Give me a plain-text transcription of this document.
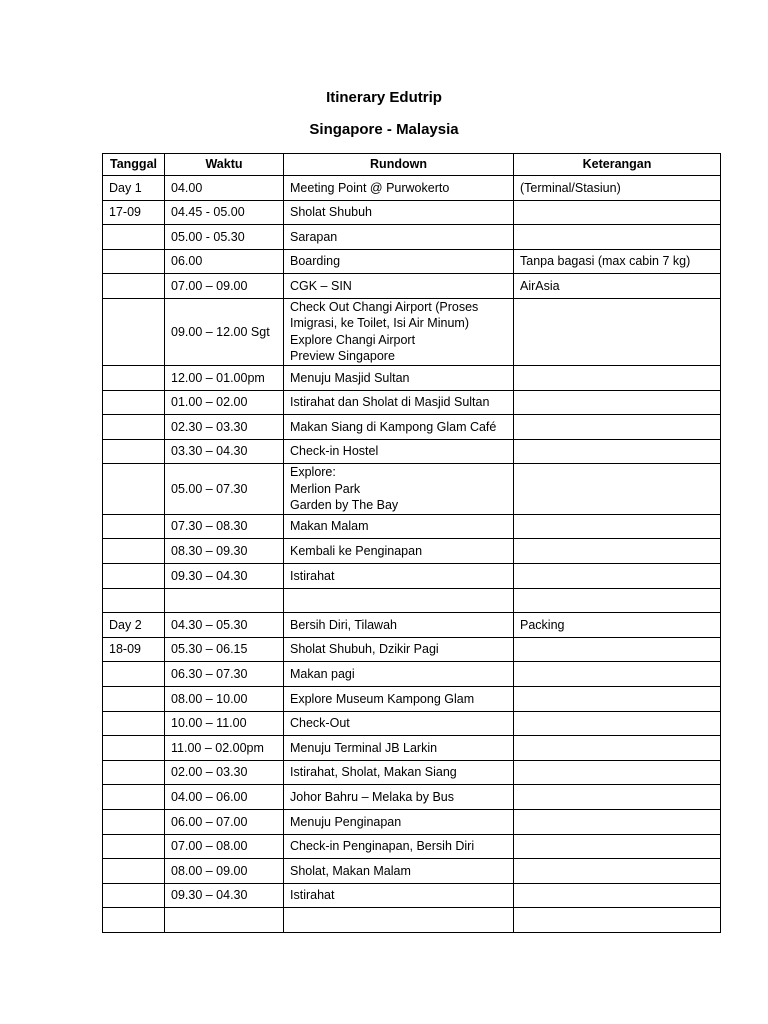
Itinerary Edutrip
Singapore - Malaysia
Tanggal	Waktu	Rundown	Keterangan
Day 1	04.00	Meeting Point @ Purwokerto	(Terminal/Stasiun)
17-09	04.45 - 05.00	Sholat Shubuh	

	05.00 - 05.30	Sarapan	

	06.00	Boarding	Tanpa bagasi (max cabin 7 kg)
	07.00 – 09.00	CGK – SIN	AirAsia
	09.00 – 12.00 Sgt	Check Out Changi Airport (Proses
Imigrasi, ke Toilet, Isi Air Minum)
Explore Changi Airport
Preview Singapore	

	12.00 – 01.00pm	Menuju Masjid Sultan	

	01.00 – 02.00	Istirahat dan Sholat di Masjid Sultan	

	02.30 – 03.30	Makan Siang di Kampong Glam Café	

	03.30 – 04.30	Check-in Hostel	

	05.00 – 07.30	Explore:
Merlion Park
Garden by The Bay	

	07.30 – 08.30	Makan Malam	

	08.30 – 09.30	Kembali ke Penginapan	

	09.30 – 04.30	Istirahat	

Day 2	04.30 – 05.30	Bersih Diri, Tilawah	Packing
18-09	05.30 – 06.15	Sholat Shubuh, Dzikir Pagi	

	06.30 – 07.30	Makan pagi	

	08.00 – 10.00	Explore Museum Kampong Glam	

	10.00 – 11.00	Check-Out	

	11.00 – 02.00pm	Menuju Terminal JB Larkin	

	02.00 – 03.30	Istirahat, Sholat, Makan Siang	

	04.00 – 06.00	Johor Bahru – Melaka by Bus	

	06.00 – 07.00	Menuju Penginapan	

	07.00 – 08.00	Check-in Penginapan, Bersih Diri	

	08.00 – 09.00	Sholat, Makan Malam	

	09.30 – 04.30	Istirahat	
